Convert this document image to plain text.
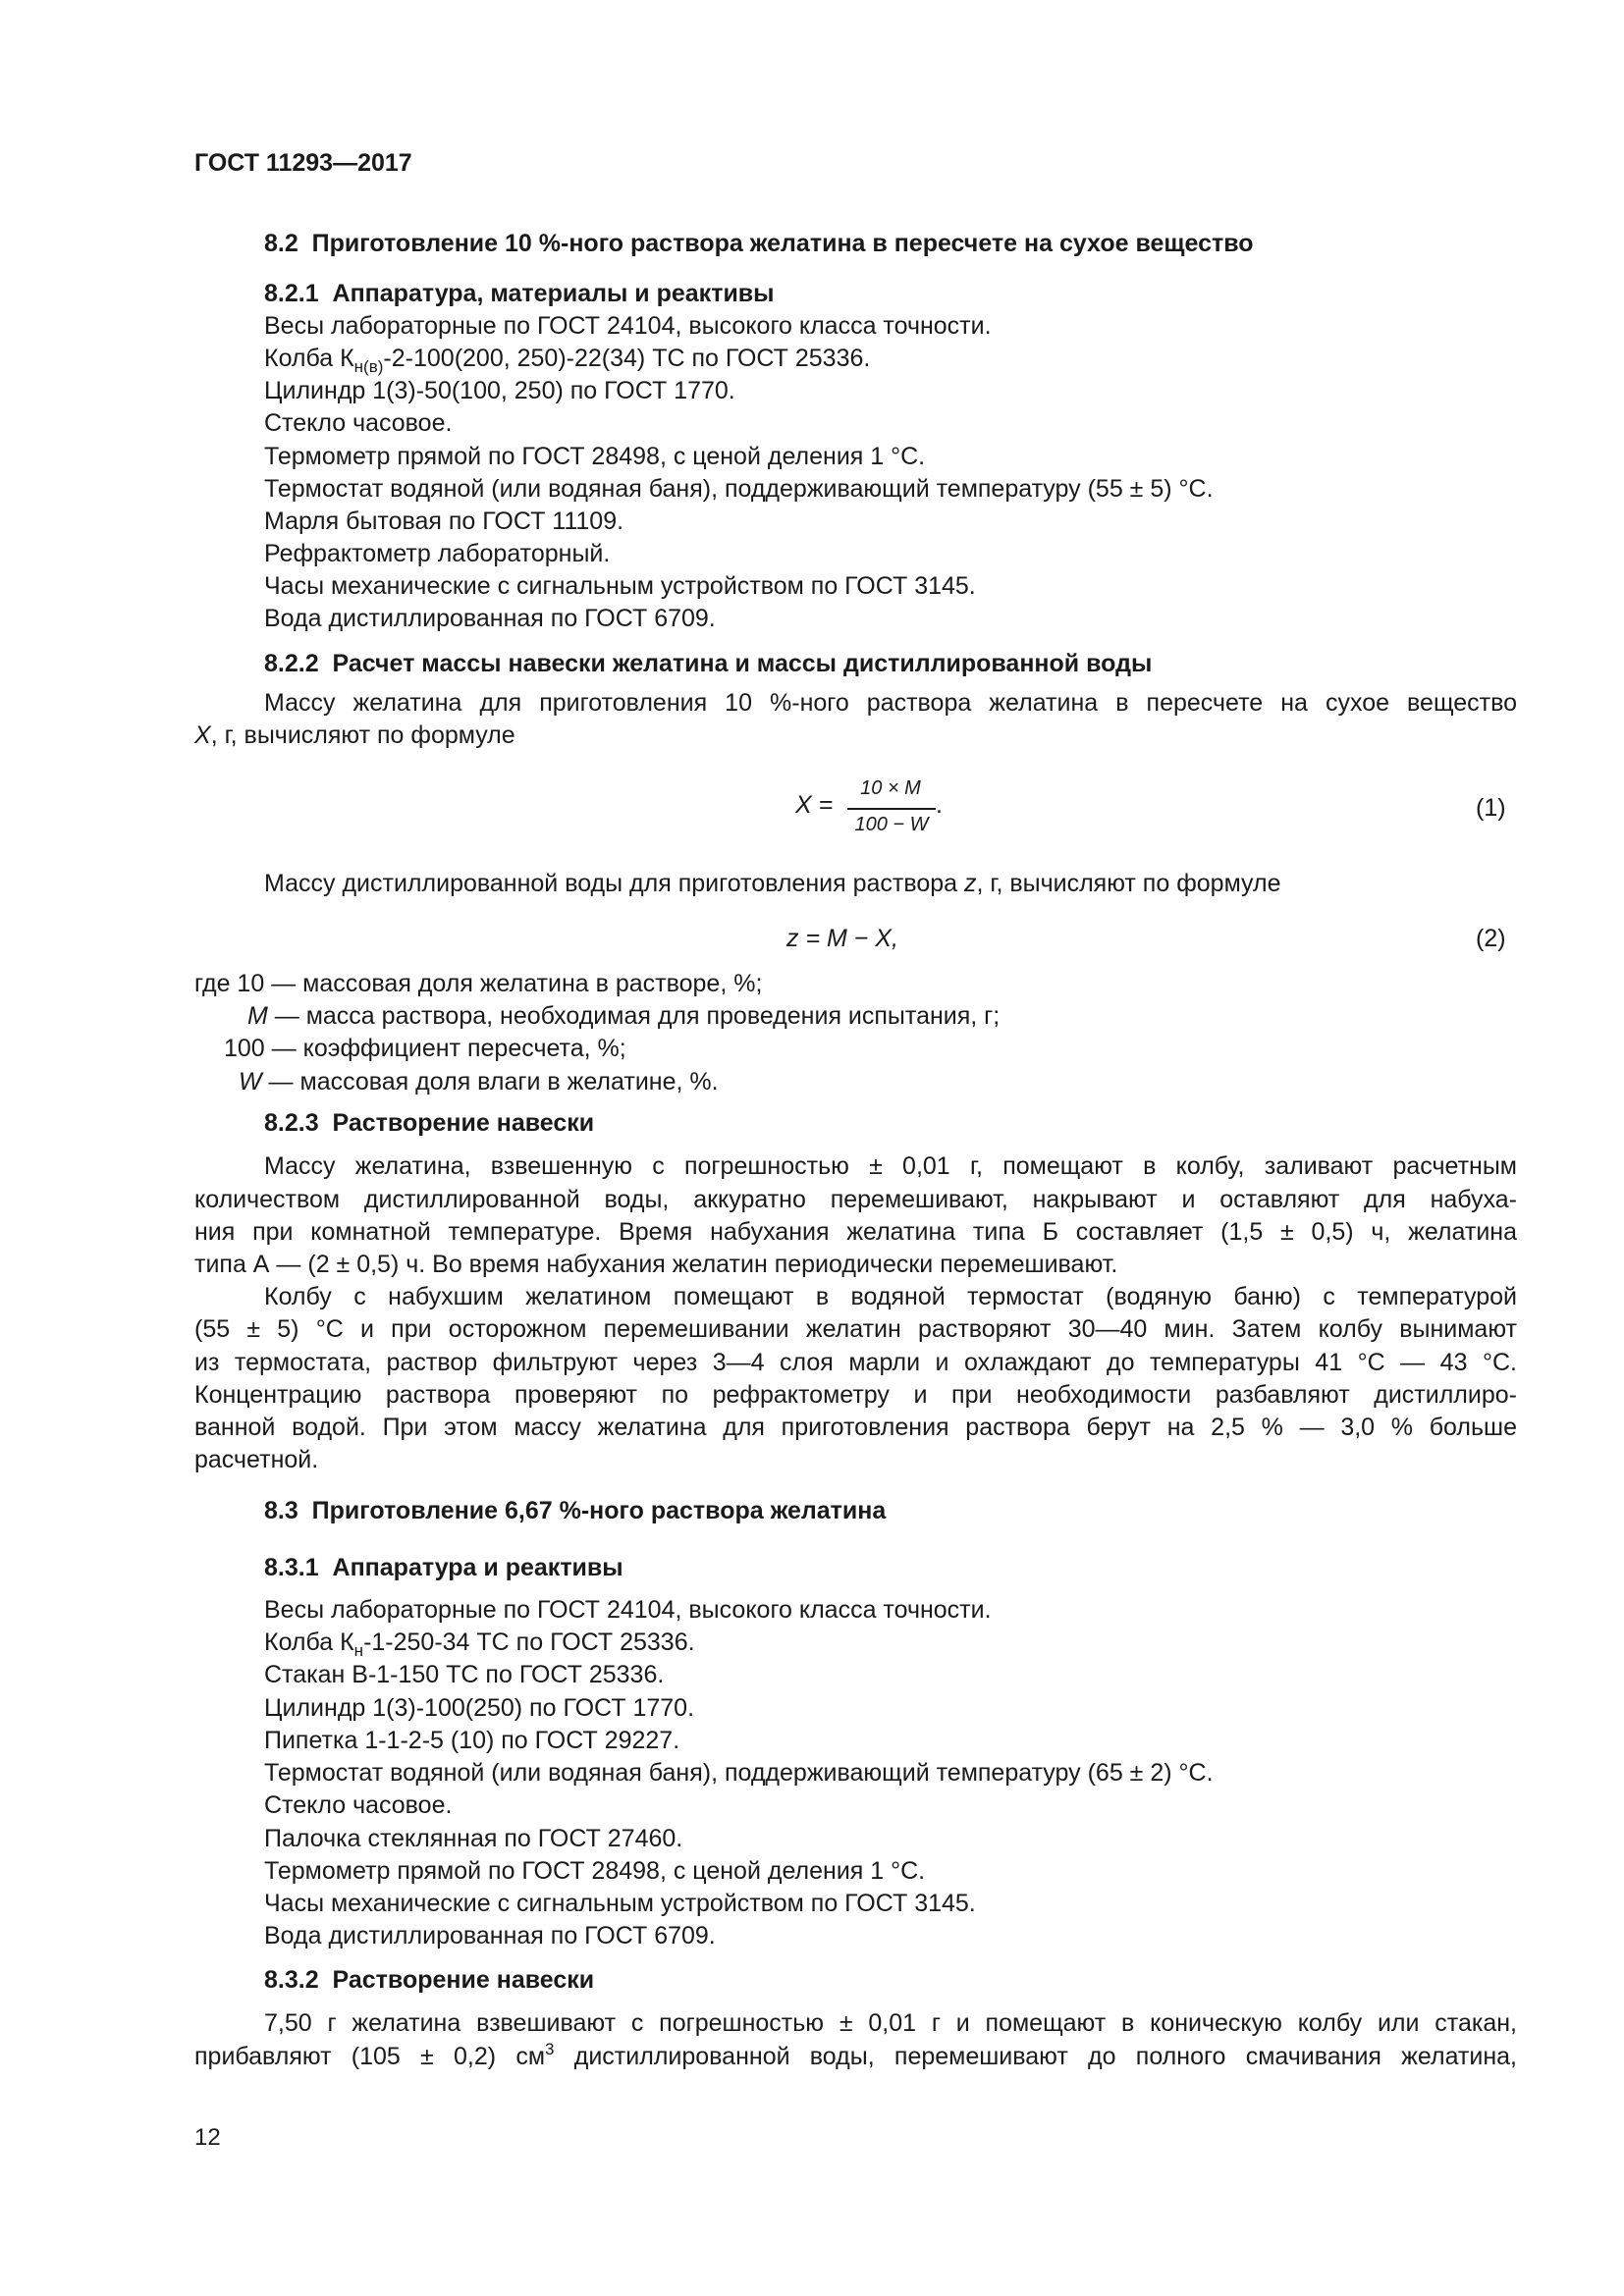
ГОСТ 11293—2017
8.2 Приготовление 10 %-ного раствора желатина в пересчете на сухое вещество
8.2.1 Аппаратура, материалы и реактивы
Весы лабораторные по ГОСТ 24104, высокого класса точности.
Колба $К_{н(в)}-2-100(200$, 250)-22(34) ТС по ГОСТ 25336.
Цилиндр 1(3)-50(100, 250) по ГОСТ 1770.
Стекло часовое.
Термометр прямой по ГОСТ 28498, с ценой деления 1 °С.
Термостат водяной (или водяная баня), поддерживающий температуру (55 ± 5) °С.
Марля бытовая по ГОСТ 11109.
Рефрактометр лабораторный.
Часы механические с сигнальным устройством по ГОСТ 3145.
Вода дистиллированная по ГОСТ 6709.
8.2.2 Расчет массы навески желатина и массы дистиллированной воды
Массу желатина для приготовления 10 %-ного раствора желатина в пересчете на сухое вещество
X, г, вычисляют по формуле
X =
10 × M
100 − W
.	(1)
Массу дистиллированной воды для приготовления раствора z, г, вычисляют по формуле
z = M − X,	(2)
где 10 — массовая доля желатина в растворе, %;
M — масса раствора, необходимая для проведения испытания, г;
100 — коэффициент пересчета, %;
W — массовая доля влаги в желатине, %.
8.2.3 Растворение навески
Массу желатина, взвешенную с погрешностью ± 0,01 г, помещают в колбу, заливают расчетным
количеством дистиллированной воды, аккуратно перемешивают, накрывают и оставляют для набуха-
ния при комнатной температуре. Время набухания желатина типа Б составляет (1,5 ± 0,5) ч, желатина
типа А — (2 ± 0,5) ч. Во время набухания желатин периодически перемешивают.
Колбу с набухшим желатином помещают в водяной термостат (водяную баню) с температурой
(55 ± 5) °С и при осторожном перемешивании желатин растворяют 30—40 мин. Затем колбу вынимают
из термостата, раствор фильтруют через 3—4 слоя марли и охлаждают до температуры 41 °С — 43 °С.
Концентрацию раствора проверяют по рефрактометру и при необходимости разбавляют дистиллиро-
ванной водой. При этом массу желатина для приготовления раствора берут на 2,5 % — 3,0 % больше
расчетной.
8.3 Приготовление 6,67 %-ного раствора желатина
8.3.1 Аппаратура и реактивы
Весы лабораторные по ГОСТ 24104, высокого класса точности.
Колба $К_н-1-250-34$ ТС по ГОСТ 25336.
Стакан В-1-150 ТС по ГОСТ 25336.
Цилиндр 1(3)-100(250) по ГОСТ 1770.
Пипетка 1-1-2-5 (10) по ГОСТ 29227.
Термостат водяной (или водяная баня), поддерживающий температуру (65 ± 2) °С.
Стекло часовое.
Палочка стеклянная по ГОСТ 27460.
Термометр прямой по ГОСТ 28498, с ценой деления 1 °С.
Часы механические с сигнальным устройством по ГОСТ 3145.
Вода дистиллированная по ГОСТ 6709.
8.3.2 Растворение навески
7,50 г желатина взвешивают с погрешностью ± 0,01 г и помещают в коническую колбу или стакан,
прибавляют (105 ± 0,2) $см^3$ дистиллированной воды, перемешивают до полного смачивания желатина,
12
